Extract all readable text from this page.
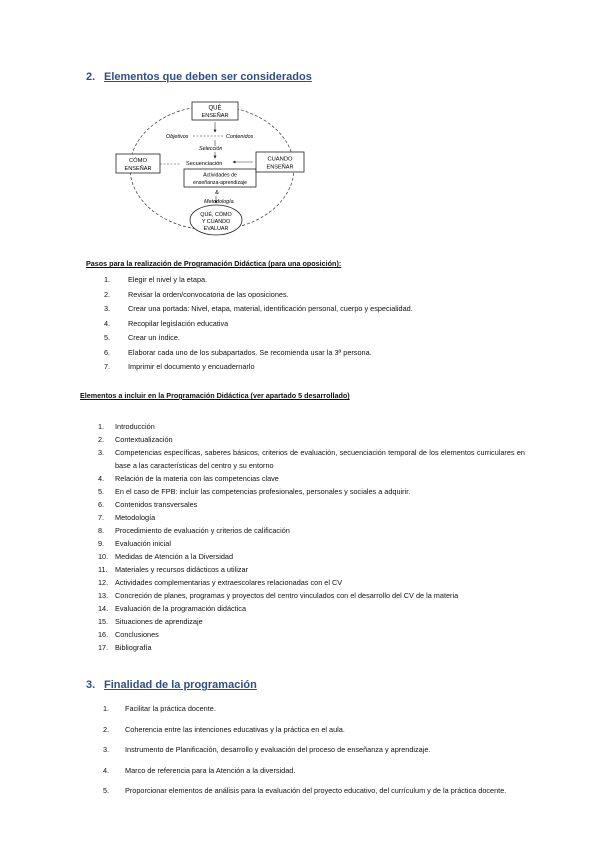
2. Elementos que deben ser considerados
QUÉ
ENSEÑAR
Objetivos	Contenidos
Selección
Secuenciación
Actividades de
enseñanza-aprendizaje
&
Metodología
CÓMO
ENSEÑAR
CUANDO
ENSEÑAR
QUÉ, CÓMO
Y CUANDO
EVALUAR
Pasos para la realización de Programación Didáctica (para una oposición):
1. Elegir el nivel y la etapa.
2. Revisar la orden/convocatoria de las oposiciones.
3. Crear una portada: Nivel, etapa, material, identificación personal, cuerpo y especialidad.
4. Recopilar legislación educativa
5. Crear un índice.
6. Elaborar cada uno de los subapartados. Se recomienda usar la 3ª persona.
7. Imprimir el documento y encuadernarlo
Elementos a incluir en la Programación Didáctica (ver apartado 5 desarrollado)
1. Introducción
2. Contextualización
3. Competencias específicas, saberes básicos, criterios de evaluación, secuenciación temporal de los elementos curriculares en base a las características del centro y su entorno
4. Relación de la materia con las competencias clave
5. En el caso de FPB: incluir las competencias profesionales, personales y sociales a adquirir.
6. Contenidos transversales
7. Metodología
8. Procedimiento de evaluación y criterios de calificación
9. Evaluación inicial
10. Medidas de Atención a la Diversidad
11. Materiales y recursos didácticos a utilizar
12. Actividades complementarias y extraescolares relacionadas con el CV
13. Concreción de planes, programas y proyectos del centro vinculados con el desarrollo del CV de la materia
14. Evaluación de la programación didáctica
15. Situaciones de aprendizaje
16. Conclusiones
17. Bibliografía
3. Finalidad de la programación
1. Facilitar la práctica docente.
2. Coherencia entre las intenciones educativas y la práctica en el aula.
3. Instrumento de Planificación, desarrollo y evaluación del proceso de enseñanza y aprendizaje.
4. Marco de referencia para la Atención a la diversidad.
5. Proporcionar elementos de análisis para la evaluación del proyecto educativo, del currículum y de la práctica docente.
